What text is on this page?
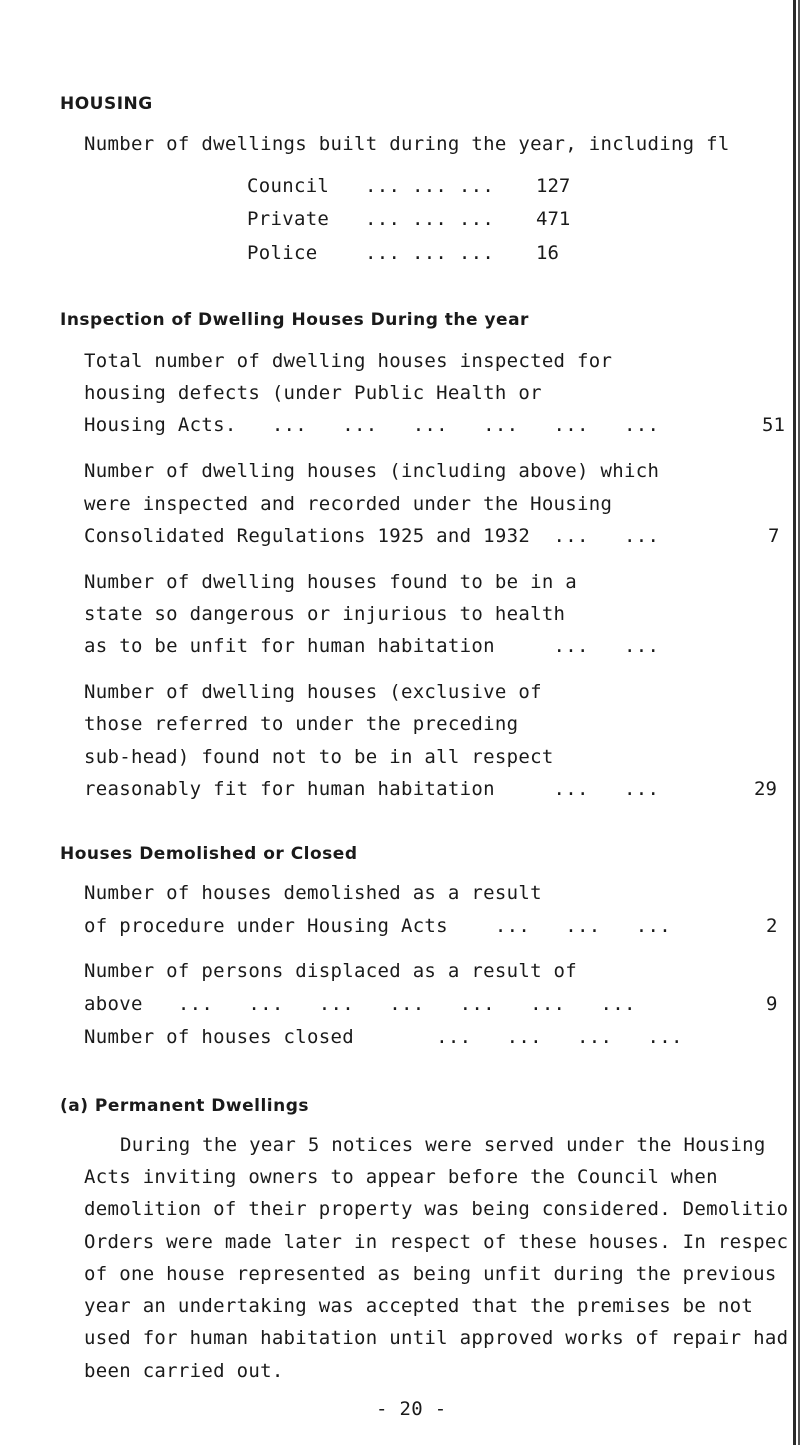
HOUSING
Number of dwellings built during the year, including fl
Council ... ... ... 127
Private ... ... ... 471
Police	... ... ... 16
Inspection of Dwelling Houses During the year
Total number of dwelling houses inspected for
housing defects (under Public Health or
Housing Acts.   ...   ...   ...   ...   ...   ...	51
Number of dwelling houses (including above) which
were inspected and recorded under the Housing
Consolidated Regulations 1925 and 1932  ...   ...	7
Number of dwelling houses found to be in a
state so dangerous or injurious to health
as to be unfit for human habitation     ...   ...
Number of dwelling houses (exclusive of
those referred to under the preceding
sub-head) found not to be in all respect
reasonably fit for human habitation     ...   ...	29
Houses Demolished or Closed
Number of houses demolished as a result
of procedure under Housing Acts    ...   ...   ...	2
Number of persons displaced as a result of
above   ...   ...   ...   ...   ...   ...   ...	9
Number of houses closed       ...   ...   ...   ...
(a) Permanent Dwellings
During the year 5 notices were served under the Housing
Acts inviting owners to appear before the Council when
demolition of their property was being considered. Demolitio
Orders were made later in respect of these houses. In respec
of one house represented as being unfit during the previous
year an undertaking was accepted that the premises be not
used for human habitation until approved works of repair had
been carried out.
- 20 -
